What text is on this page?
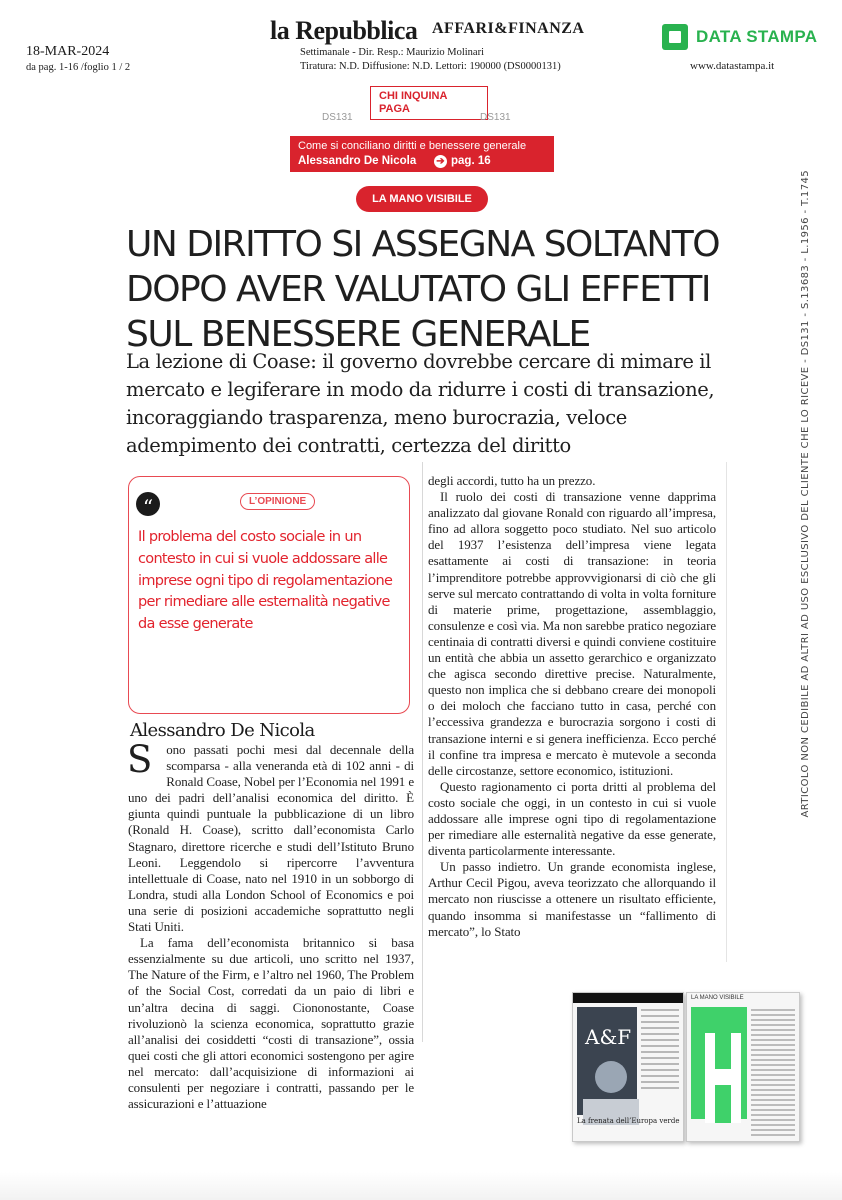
18-MAR-2024
da pag. 1-16 /foglio 1 / 2
la Repubblica AFFARI&FINANZA
Settimanale - Dir. Resp.: Maurizio Molinari
Tiratura: N.D. Diffusione: N.D. Lettori: 190000 (DS0000131)
DATA STAMPA
www.datastampa.it
DS131
CHI INQUINA PAGA
DS131
Come si conciliano diritti e benessere generale
Alessandro De Nicola ➔ pag. 16
LA MANO VISIBILE
UN DIRITTO SI ASSEGNA SOLTANTO DOPO AVER VALUTATO GLI EFFETTI SUL BENESSERE GENERALE
La lezione di Coase: il governo dovrebbe cercare di mimare il mercato e legiferare in modo da ridurre i costi di transazione, incoraggiando trasparenza, meno burocrazia, veloce adempimento dei contratti, certezza del diritto
“	L’OPINIONE
Il problema del costo sociale in un contesto in cui si vuole addossare alle imprese ogni tipo di regolamentazione per rimediare alle esternalità negative da esse generate
Alessandro De Nicola
S	ono passati pochi mesi dal decennale della scomparsa - alla veneranda età di 102 anni - di Ronald Coase, Nobel per l’Economia nel 1991 e uno dei padri dell’analisi economica del diritto. È giunta quindi puntuale la pubblicazione di un libro (Ronald H. Coase), scritto dall’economista Carlo Stagnaro, direttore ricerche e studi dell’Istituto Bruno Leoni. Leggendolo si ripercorre l’avventura intellettuale di Coase, nato nel 1910 in un sobborgo di Londra, studi alla London School of Economics e poi una serie di posizioni accademiche soprattutto negli Stati Uniti.

La fama dell’economista britannico si basa essenzialmente su due articoli, uno scritto nel 1937, The Nature of the Firm, e l’altro nel 1960, The Problem of the Social Cost, corredati da un paio di libri e un’altra decina di saggi. Ciononostante, Coase rivoluzionò la scienza economica, soprattutto grazie all’analisi dei cosiddetti “costi di transazione”, ossia quei costi che gli attori economici sostengono per agire nel mercato: dall’acquisizione di informazioni ai consulenti per negoziare i contratti, passando per le assicurazioni e l’attuazione

degli accordi, tutto ha un prezzo.

Il ruolo dei costi di transazione venne dapprima analizzato dal giovane Ronald con riguardo all’impresa, fino ad allora soggetto poco studiato. Nel suo articolo del 1937 l’esistenza dell’impresa viene legata esattamente ai costi di transazione: in teoria l’imprenditore potrebbe approvvigionarsi di ciò che gli serve sul mercato contrattando di volta in volta forniture di materie prime, progettazione, assemblaggio, consulenze e così via. Ma non sarebbe pratico negoziare centinaia di contratti diversi e quindi conviene costituire un entità che abbia un assetto gerarchico e organizzato che agisca secondo direttive precise. Naturalmente, questo non implica che si debbano creare dei monopoli o dei moloch che facciano tutto in casa, perché con l’eccessiva grandezza e burocrazia sorgono i costi di transazione interni e si genera inefficienza. Ecco perché il confine tra impresa e mercato è mutevole a seconda delle circostanze, settore economico, istituzioni.

Questo ragionamento ci porta dritti al problema del costo sociale che oggi, in un contesto in cui si vuole addossare alle imprese ogni tipo di regolamentazione per rimediare alle esternalità negative da esse generate, diventa particolarmente interessante.

Un passo indietro. Un grande economista inglese, Arthur Cecil Pigou, aveva teorizzato che allorquando il mercato non riuscisse a ottenere un risultato efficiente, quando insomma si manifestasse un “fallimento di mercato”, lo Stato

ARTICOLO NON CEDIBILE AD ALTRI AD USO ESCLUSIVO DEL CLIENTE CHE LO RICEVE - DS131 - S.13683 - L.1956 - T.1745
A&F
La frenata dell’Europa verde
LA MANO VISIBILE
